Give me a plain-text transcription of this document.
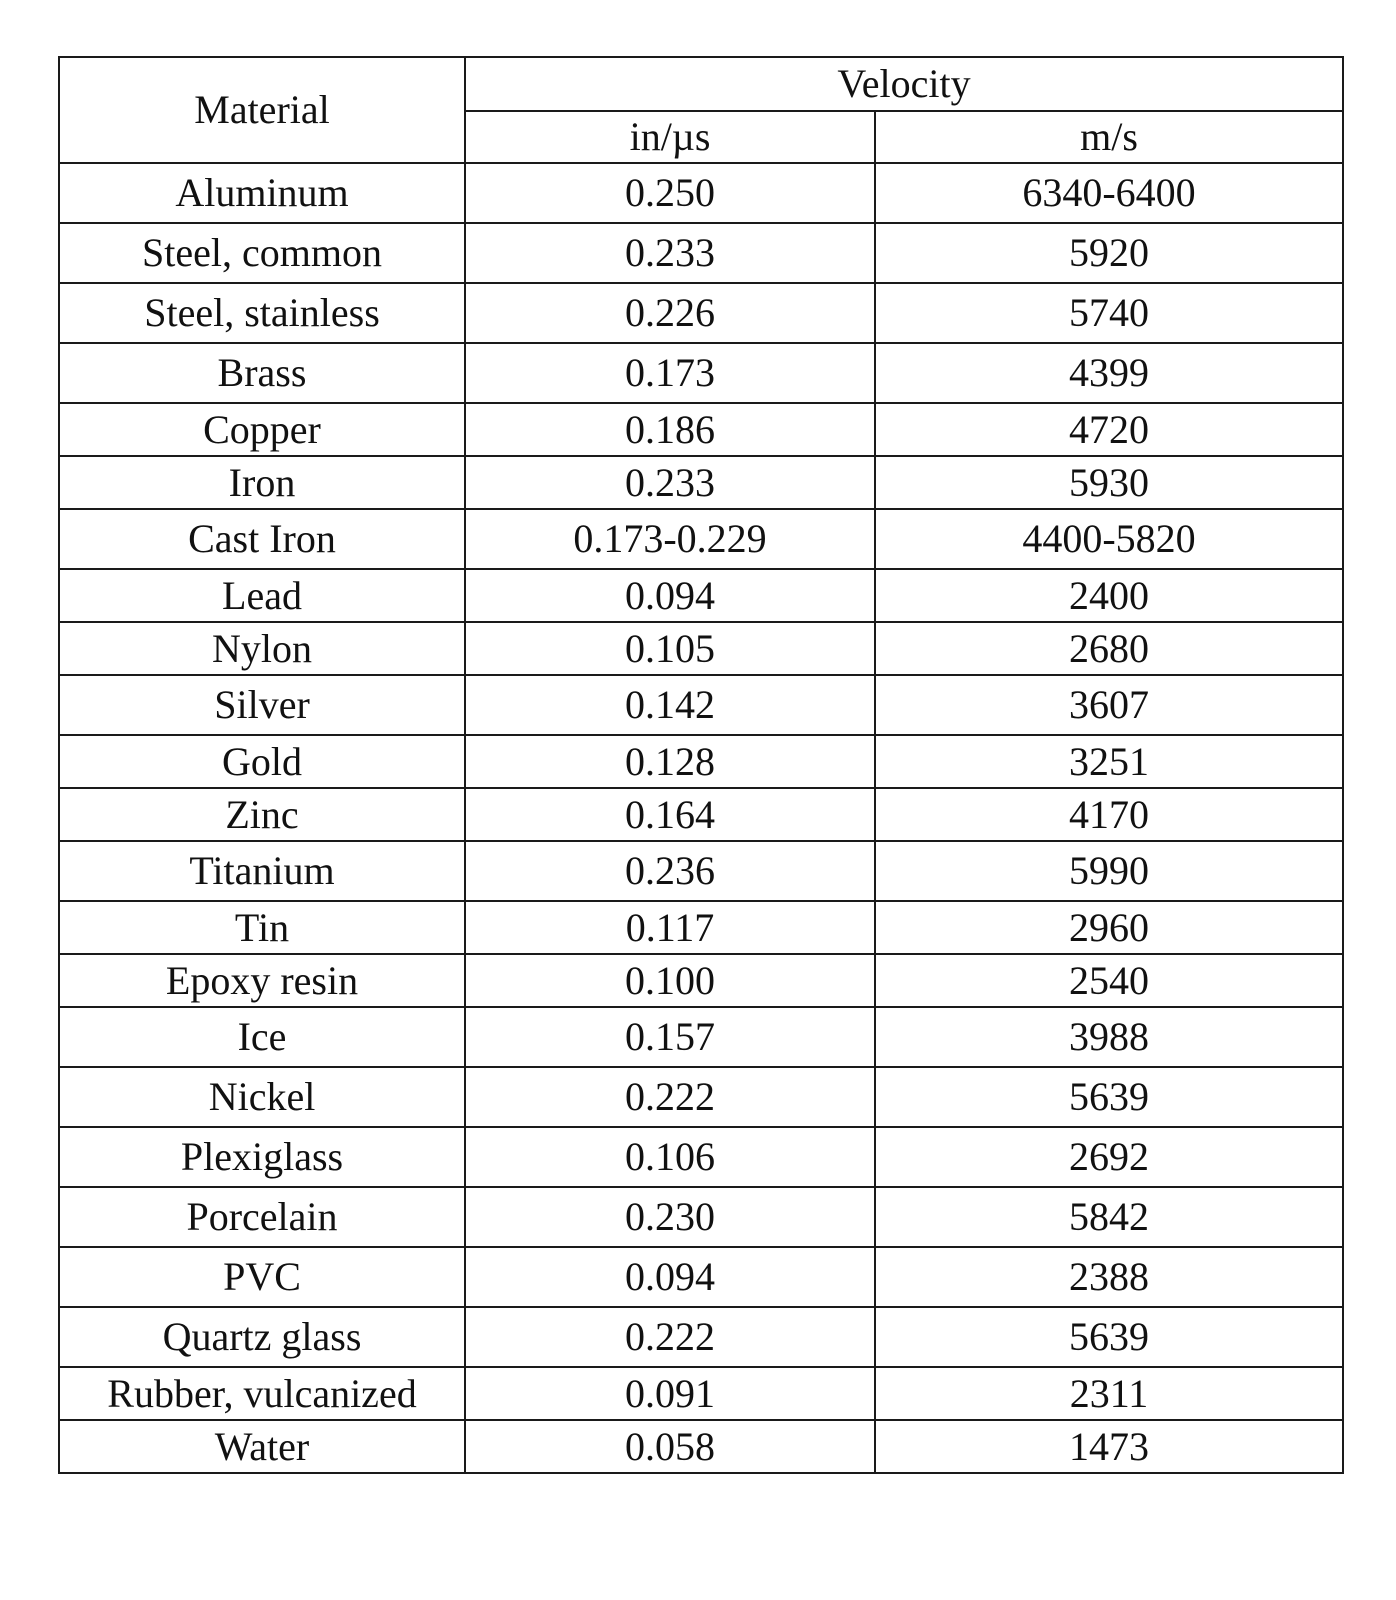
Material	Velocity	
	in/µs	m/s
Aluminum	0.250	6340-6400
Steel, common	0.233	5920
Steel, stainless	0.226	5740
Brass	0.173	4399
Copper	0.186	4720
Iron	0.233	5930
Cast Iron	0.173-0.229	4400-5820
Lead	0.094	2400
Nylon	0.105	2680
Silver	0.142	3607
Gold	0.128	3251
Zinc	0.164	4170
Titanium	0.236	5990
Tin	0.117	2960
Epoxy resin	0.100	2540
Ice	0.157	3988
Nickel	0.222	5639
Plexiglass	0.106	2692
Porcelain	0.230	5842
PVC	0.094	2388
Quartz glass	0.222	5639
Rubber, vulcanized	0.091	2311
Water	0.058	1473
